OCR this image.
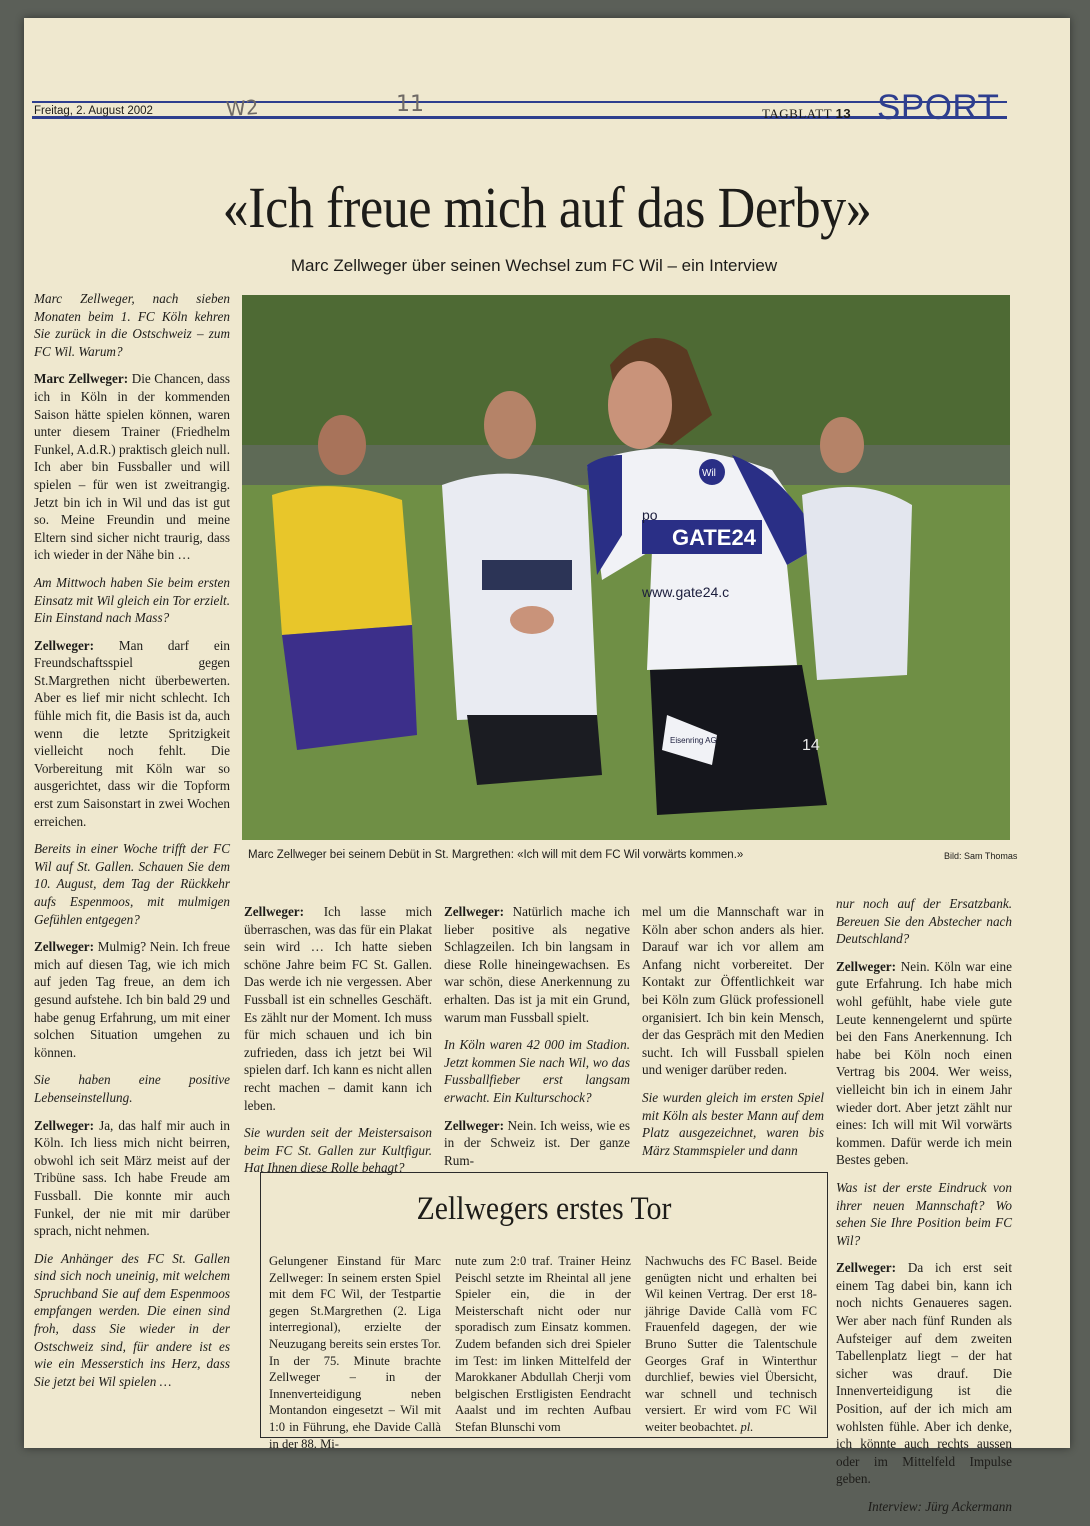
Freitag, 2. August 2002	TAGBLATT 13 SPORT
W2	11
«Ich freue mich auf das Derby»
Marc Zellweger über seinen Wechsel zum FC Wil – ein Interview

Marc Zellweger, nach sieben Monaten beim 1. FC Köln kehren Sie zurück in die Ostschweiz – zum FC Wil. Warum?

Marc Zellweger: Die Chancen, dass ich in Köln in der kommenden Saison hätte spielen können, waren unter diesem Trainer (Friedhelm Funkel, A.d.R.) praktisch gleich null. Ich aber bin Fussballer und will spielen – für wen ist zweitrangig. Jetzt bin ich in Wil und das ist gut so. Meine Freundin und meine Eltern sind sicher nicht traurig, dass ich wieder in der Nähe bin …

Am Mittwoch haben Sie beim ersten Einsatz mit Wil gleich ein Tor erzielt. Ein Einstand nach Mass?

Zellweger: Man darf ein Freundschaftsspiel gegen St.Margrethen nicht überbewerten. Aber es lief mir nicht schlecht. Ich fühle mich fit, die Basis ist da, auch wenn die letzte Spritzigkeit vielleicht noch fehlt. Die Vorbereitung mit Köln war so ausgerichtet, dass wir die Topform erst zum Saisonstart in zwei Wochen erreichen.

Bereits in einer Woche trifft der FC Wil auf St. Gallen. Schauen Sie dem 10. August, dem Tag der Rückkehr aufs Espenmoos, mit mulmigen Gefühlen entgegen?

Zellweger: Mulmig? Nein. Ich freue mich auf diesen Tag, wie ich mich auf jeden Tag freue, an dem ich gesund aufstehe. Ich bin bald 29 und habe genug Erfahrung, um mit einer solchen Situation umgehen zu können.

Sie haben eine positive Lebenseinstellung.

Zellweger: Ja, das half mir auch in Köln. Ich liess mich nicht beirren, obwohl ich seit März meist auf der Tribüne sass. Ich habe Freude am Fussball. Die konnte mir auch Funkel, der nie mit mir darüber sprach, nicht nehmen.

Die Anhänger des FC St. Gallen sind sich noch uneinig, mit welchem Spruchband Sie auf dem Espenmoos empfangen werden. Die einen sind froh, dass Sie wieder in der Ostschweiz sind, für andere ist es wie ein Messerstich ins Herz, dass Sie jetzt bei Wil spielen …

GATE24
www.gate24.c
po
Wil
Eisenring AG	14
Marc Zellweger bei seinem Debüt in St. Margrethen: «Ich will mit dem FC Wil vorwärts kommen.»	Bild: Sam Thomas

Zellweger: Ich lasse mich überraschen, was das für ein Plakat sein wird … Ich hatte sieben schöne Jahre beim FC St. Gallen. Das werde ich nie vergessen. Aber Fussball ist ein schnelles Geschäft. Es zählt nur der Moment. Ich muss für mich schauen und ich bin zufrieden, dass ich jetzt bei Wil spielen darf. Ich kann es nicht allen recht machen – damit kann ich leben.

Sie wurden seit der Meistersaison beim FC St. Gallen zur Kultfigur. Hat Ihnen diese Rolle behagt?

Zellweger: Natürlich mache ich lieber positive als negative Schlagzeilen. Ich bin langsam in diese Rolle hineingewachsen. Es war schön, diese Anerkennung zu erhalten. Das ist ja mit ein Grund, warum man Fussball spielt.

In Köln waren 42 000 im Stadion. Jetzt kommen Sie nach Wil, wo das Fussballfieber erst langsam erwacht. Ein Kulturschock?

Zellweger: Nein. Ich weiss, wie es in der Schweiz ist. Der ganze Rum-

mel um die Mannschaft war in Köln aber schon anders als hier. Darauf war ich vor allem am Anfang nicht vorbereitet. Der Kontakt zur Öffentlichkeit war bei Köln zum Glück professionell organisiert. Ich bin kein Mensch, der das Gespräch mit den Medien sucht. Ich will Fussball spielen und weniger darüber reden.

Sie wurden gleich im ersten Spiel mit Köln als bester Mann auf dem Platz ausgezeichnet, waren bis März Stammspieler und dann

nur noch auf der Ersatzbank. Bereuen Sie den Abstecher nach Deutschland?

Zellweger: Nein. Köln war eine gute Erfahrung. Ich habe mich wohl gefühlt, habe viele gute Leute kennengelernt und spürte bei den Fans Anerkennung. Ich habe bei Köln noch einen Vertrag bis 2004. Wer weiss, vielleicht bin ich in einem Jahr wieder dort. Aber jetzt zählt nur eines: Ich will mit Wil vorwärts kommen. Dafür werde ich mein Bestes geben.

Was ist der erste Eindruck von ihrer neuen Mannschaft? Wo sehen Sie Ihre Position beim FC Wil?

Zellweger: Da ich erst seit einem Tag dabei bin, kann ich noch nichts Genaueres sagen. Wer aber nach fünf Runden als Aufsteiger auf dem zweiten Tabellenplatz liegt – der hat sicher was drauf. Die Innenverteidigung ist die Position, auf der ich mich am wohlsten fühle. Aber ich denke, ich könnte auch rechts aussen oder im Mittelfeld Impulse geben.

Interview: Jürg Ackermann

Zellwegers erstes Tor

Gelungener Einstand für Marc Zellweger: In seinem ersten Spiel mit dem FC Wil, der Testpartie gegen St.Margrethen (2. Liga interregional), erzielte der Neuzugang bereits sein erstes Tor. In der 75. Minute brachte Zellweger – in der Innenverteidigung neben Montandon eingesetzt – Wil mit 1:0 in Führung, ehe Davide Callà in der 88. Mi-

nute zum 2:0 traf. Trainer Heinz Peischl setzte im Rheintal all jene Spieler ein, die in der Meisterschaft nicht oder nur sporadisch zum Einsatz kommen. Zudem befanden sich drei Spieler im Test: im linken Mittelfeld der Marokkaner Abdullah Cherji vom belgischen Erstligisten Eendracht Aaalst und im rechten Aufbau Stefan Blunschi vom

Nachwuchs des FC Basel. Beide genügten nicht und erhalten bei Wil keinen Vertrag. Der erst 18-jährige Davide Callà vom FC Frauenfeld dagegen, der wie Bruno Sutter die Talentschule Georges Graf in Winterthur durchlief, bewies viel Übersicht, war schnell und technisch versiert. Er wird vom FC Wil weiter beobachtet. pl.
